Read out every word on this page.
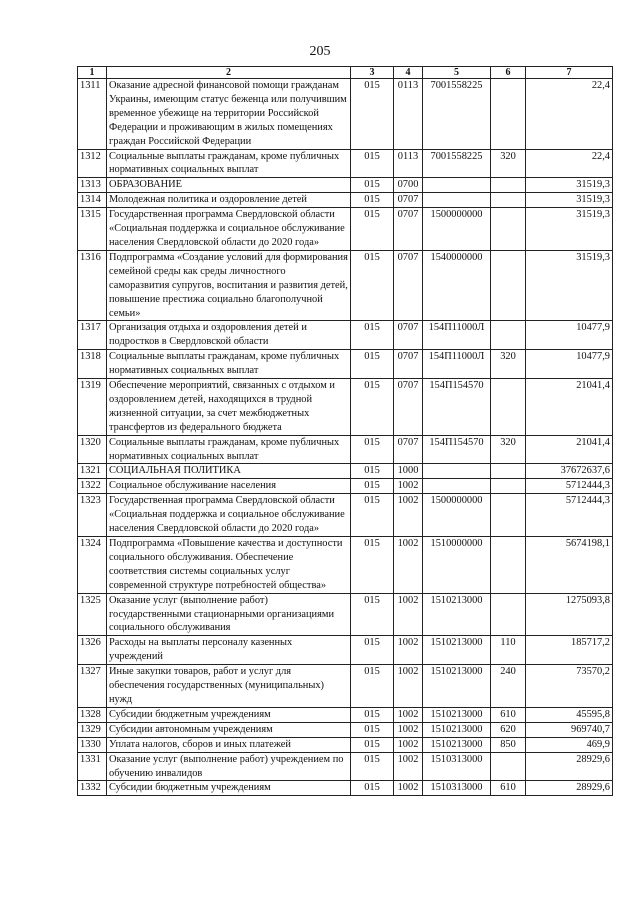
205
1	2	3	4	5	6	7
1311	Оказание адресной финансовой помощи гражданам Украины, имеющим статус беженца или получившим временное убежище на территории Российской Федерации и проживающим в жилых помещениях граждан Российской Федерации	015	0113	7001558225		22,4
1312	Социальные выплаты гражданам, кроме публичных нормативных социальных выплат	015	0113	7001558225	320	22,4
1313	ОБРАЗОВАНИЕ	015	0700			31519,3
1314	Молодежная политика и оздоровление детей	015	0707			31519,3
1315	Государственная программа Свердловской области «Социальная поддержка и социальное обслуживание населения Свердловской области до 2020 года»	015	0707	1500000000		31519,3
1316	Подпрограмма «Создание условий для формирования семейной среды как среды личностного саморазвития супругов, воспитания и развития детей, повышение престижа социально благополучной семьи»	015	0707	1540000000		31519,3
1317	Организация отдыха и оздоровления детей и подростков в Свердловской области	015	0707	154П11000Л		10477,9
1318	Социальные выплаты гражданам, кроме публичных нормативных социальных выплат	015	0707	154П11000Л	320	10477,9
1319	Обеспечение мероприятий, связанных с отдыхом и оздоровлением детей, находящихся в трудной жизненной ситуации, за счет межбюджетных трансфертов из федерального бюджета	015	0707	154П154570		21041,4
1320	Социальные выплаты гражданам, кроме публичных нормативных социальных выплат	015	0707	154П154570	320	21041,4
1321	СОЦИАЛЬНАЯ ПОЛИТИКА	015	1000			37672637,6
1322	Социальное обслуживание населения	015	1002			5712444,3
1323	Государственная программа Свердловской области «Социальная поддержка и социальное обслуживание населения Свердловской области до 2020 года»	015	1002	1500000000		5712444,3
1324	Подпрограмма «Повышение качества и доступности социального обслуживания. Обеспечение соответствия системы социальных услуг современной структуре потребностей общества»	015	1002	1510000000		5674198,1
1325	Оказание услуг (выполнение работ) государственными стационарными организациями социального обслуживания	015	1002	1510213000		1275093,8
1326	Расходы на выплаты персоналу казенных учреждений	015	1002	1510213000	110	185717,2
1327	Иные закупки товаров, работ и услуг для обеспечения государственных (муниципальных) нужд	015	1002	1510213000	240	73570,2
1328	Субсидии бюджетным учреждениям	015	1002	1510213000	610	45595,8
1329	Субсидии автономным учреждениям	015	1002	1510213000	620	969740,7
1330	Уплата налогов, сборов и иных платежей	015	1002	1510213000	850	469,9
1331	Оказание услуг (выполнение работ) учреждением по обучению инвалидов	015	1002	1510313000		28929,6
1332	Субсидии бюджетным учреждениям	015	1002	1510313000	610	28929,6
